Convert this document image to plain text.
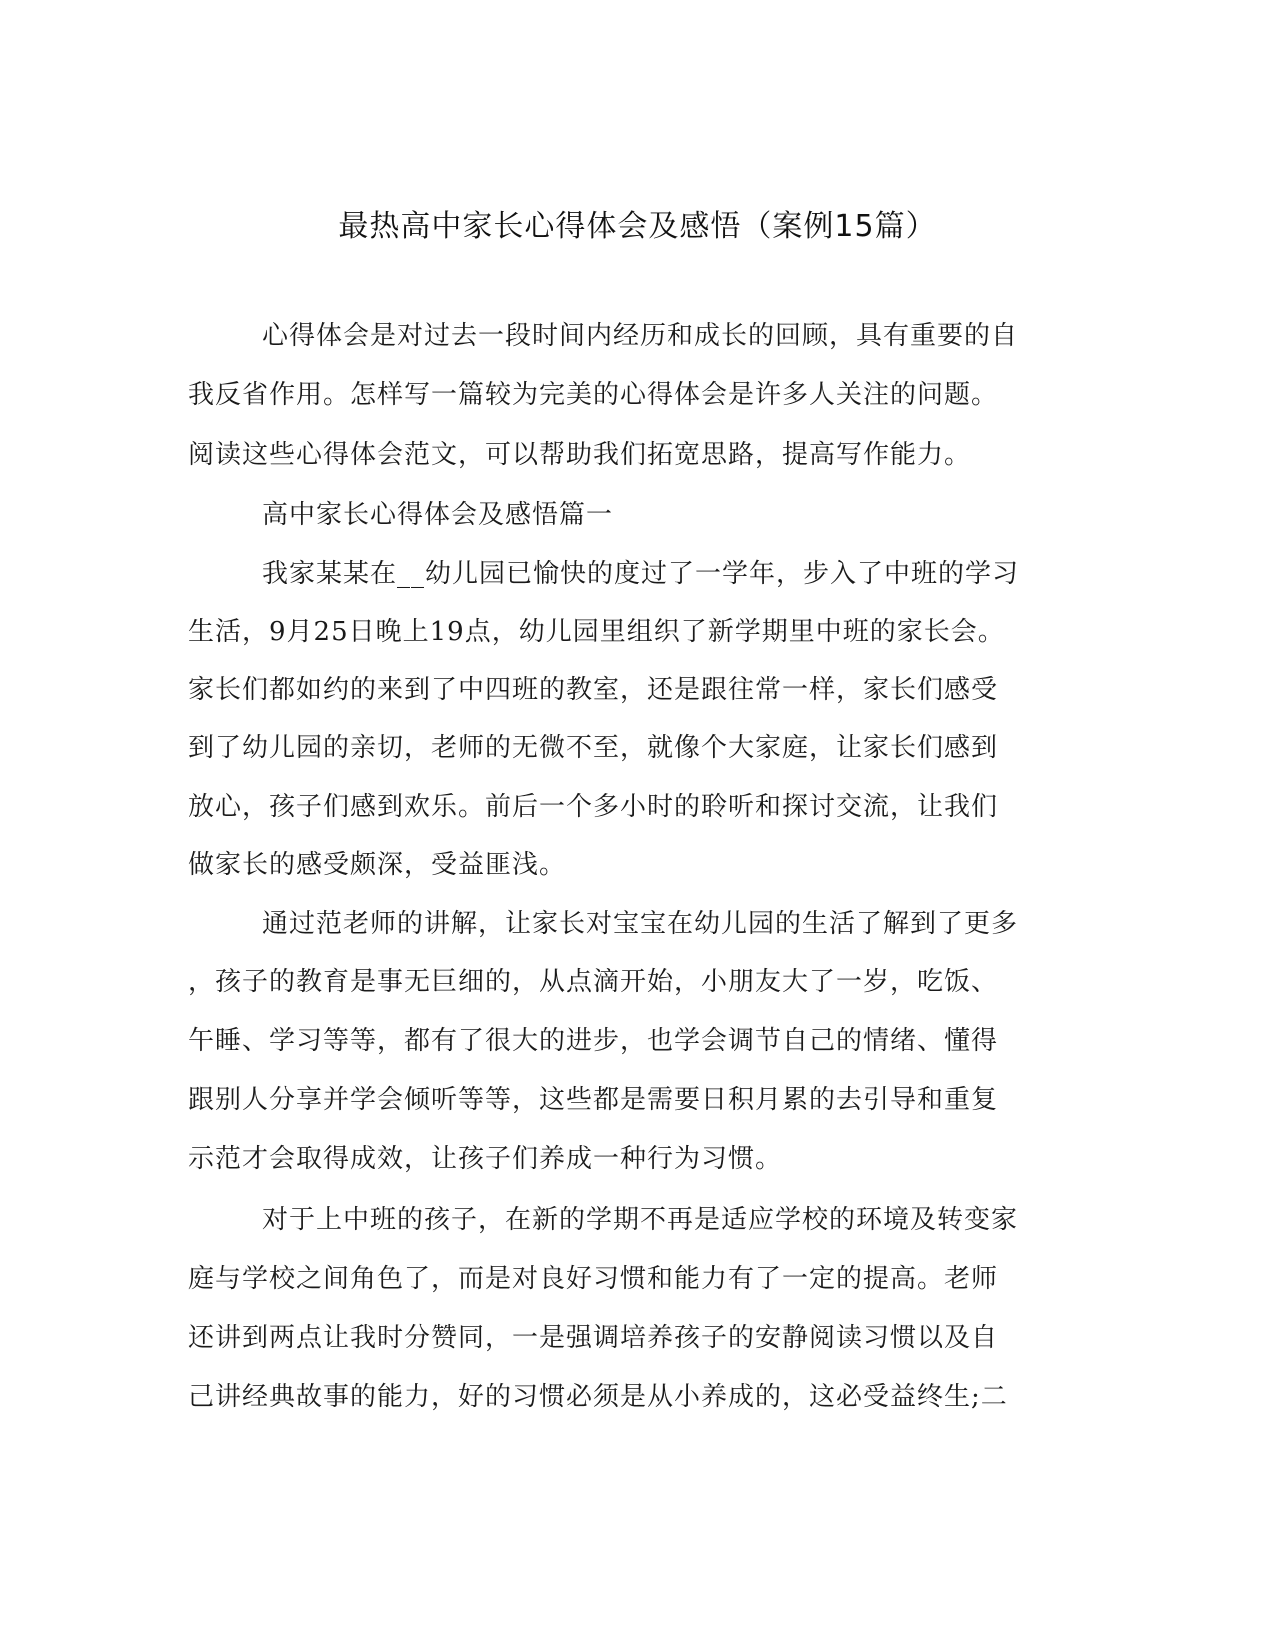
最热高中家长心得体会及感悟（案例15篇）
心得体会是对过去一段时间内经历和成长的回顾，具有重要的自
我反省作用。怎样写一篇较为完美的心得体会是许多人关注的问题。
阅读这些心得体会范文，可以帮助我们拓宽思路，提高写作能力。
高中家长心得体会及感悟篇一
我家某某在__幼儿园已愉快的度过了一学年，步入了中班的学习
生活，9月25日晚上19点，幼儿园里组织了新学期里中班的家长会。
家长们都如约的来到了中四班的教室，还是跟往常一样，家长们感受
到了幼儿园的亲切，老师的无微不至，就像个大家庭，让家长们感到
放心，孩子们感到欢乐。前后一个多小时的聆听和探讨交流，让我们
做家长的感受颇深，受益匪浅。
通过范老师的讲解，让家长对宝宝在幼儿园的生活了解到了更多
，孩子的教育是事无巨细的，从点滴开始，小朋友大了一岁，吃饭、
午睡、学习等等，都有了很大的进步，也学会调节自己的情绪、懂得
跟别人分享并学会倾听等等，这些都是需要日积月累的去引导和重复
示范才会取得成效，让孩子们养成一种行为习惯。
对于上中班的孩子，在新的学期不再是适应学校的环境及转变家
庭与学校之间角色了，而是对良好习惯和能力有了一定的提高。老师
还讲到两点让我时分赞同，一是强调培养孩子的安静阅读习惯以及自
己讲经典故事的能力，好的习惯必须是从小养成的，这必受益终生;二
